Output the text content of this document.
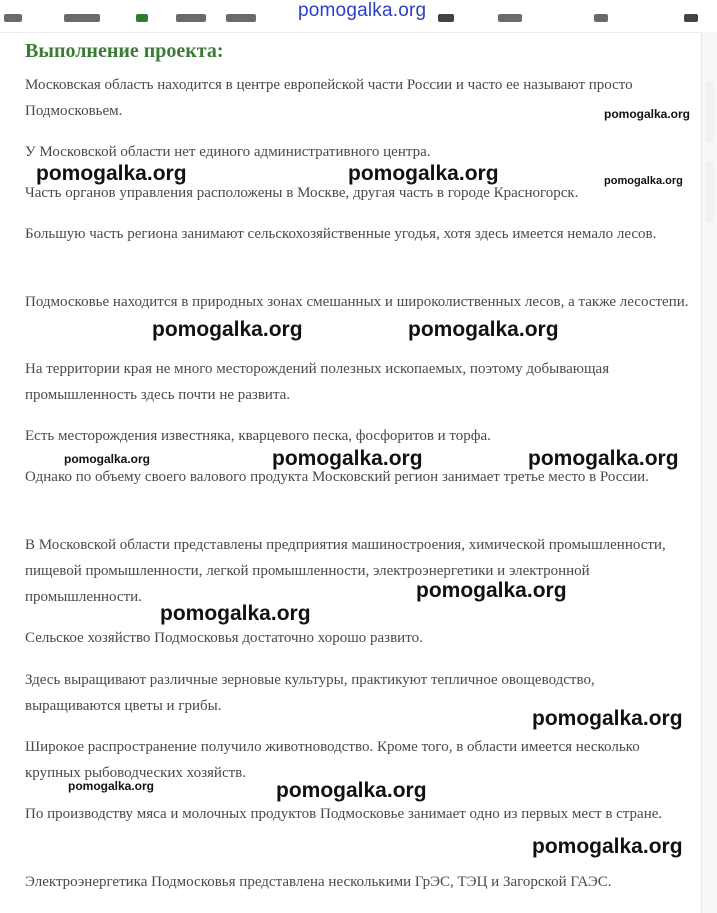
pomogalka.org
Выполнение проекта:

Московская область находится в центре европейской части России и часто ее называют просто Подмосковьем.

У Московской области нет единого административного центра.

Часть органов управления расположены в Москве, другая часть в городе Красногорск.

Большую часть региона занимают сельскохозяйственные угодья, хотя здесь имеется немало лесов.

Подмосковье находится в природных зонах смешанных и широколиственных лесов, а также лесостепи.

На территории края не много месторождений полезных ископаемых, поэтому добывающая промышленность здесь почти не развита.

Есть месторождения известняка, кварцевого песка, фосфоритов и торфа.

Однако по объему своего валового продукта Московский регион занимает третье место в России.

В Московской области представлены предприятия машиностроения, химической промышленности, пищевой промышленности, легкой промышленности, электроэнергетики и электронной промышленности.

Сельское хозяйство Подмосковья достаточно хорошо развито.

Здесь выращивают различные зерновые культуры, практикуют тепличное овощеводство, выращиваются цветы и грибы.

Широкое распространение получило животноводство. Кроме того, в области имеется несколько крупных рыбоводческих хозяйств.

По производству мяса и молочных продуктов Подмосковье занимает одно из первых мест в стране.

Электроэнергетика Подмосковья представлена несколькими ГрЭС, ТЭЦ и Загорской ГАЭС.

pomogalka.org
pomogalka.org	pomogalka.org	pomogalka.org
pomogalka.org	pomogalka.org
pomogalka.org	pomogalka.org	pomogalka.org
pomogalka.org
pomogalka.org
pomogalka.org
pomogalka.org	pomogalka.org
pomogalka.org
